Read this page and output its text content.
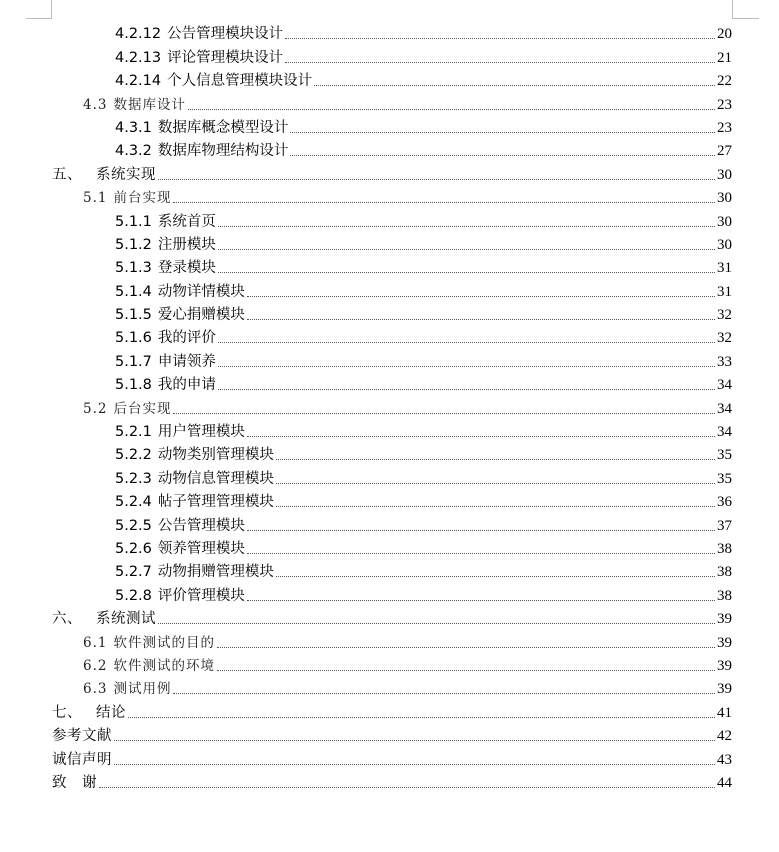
4.2.12 公告管理模块设计	20
4.2.13 评论管理模块设计	21
4.2.14 个人信息管理模块设计	22
4.3 数据库设计	23
4.3.1 数据库概念模型设计	23
4.3.2 数据库物理结构设计	27
五、 系统实现	30
5.1 前台实现	30
5.1.1 系统首页	30
5.1.2 注册模块	30
5.1.3 登录模块	31
5.1.4 动物详情模块	31
5.1.5 爱心捐赠模块	32
5.1.6 我的评价	32
5.1.7 申请领养	33
5.1.8 我的申请	34
5.2 后台实现	34
5.2.1 用户管理模块	34
5.2.2 动物类别管理模块	35
5.2.3 动物信息管理模块	35
5.2.4 帖子管理管理模块	36
5.2.5 公告管理模块	37
5.2.6 领养管理模块	38
5.2.7 动物捐赠管理模块	38
5.2.8 评价管理模块	38
六、 系统测试	39
6.1 软件测试的目的	39
6.2 软件测试的环境	39
6.3 测试用例	39
七、 结论	41
参考文献	42
诚信声明	43
致　谢	44
